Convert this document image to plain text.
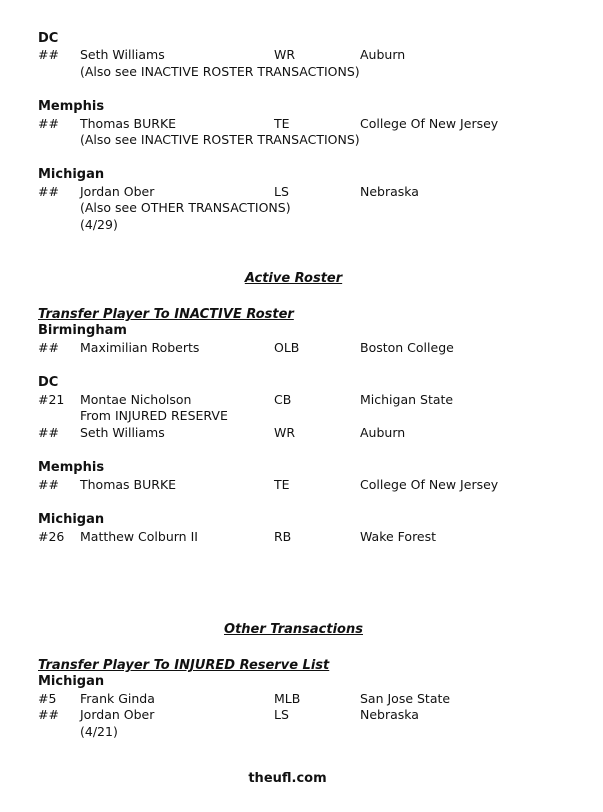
DC
## Seth Williams	WR	Auburn
(Also see INACTIVE ROSTER TRANSACTIONS)
Memphis
## Thomas BURKE	TE	College Of New Jersey
(Also see INACTIVE ROSTER TRANSACTIONS)
Michigan
## Jordan Ober	LS	Nebraska
(Also see OTHER TRANSACTIONS)
(4/29)
Active Roster
Transfer Player To INACTIVE Roster
Birmingham
## Maximilian Roberts	OLB	Boston College
DC
#21 Montae Nicholson	CB	Michigan State
From INJURED RESERVE
## Seth Williams	WR	Auburn
Memphis
## Thomas BURKE	TE	College Of New Jersey
Michigan
#26 Matthew Colburn II	RB	Wake Forest
Other Transactions
Transfer Player To INJURED Reserve List
Michigan
#5 Frank Ginda	MLB	San Jose State
## Jordan Ober	LS	Nebraska
(4/21)
theufl.com
